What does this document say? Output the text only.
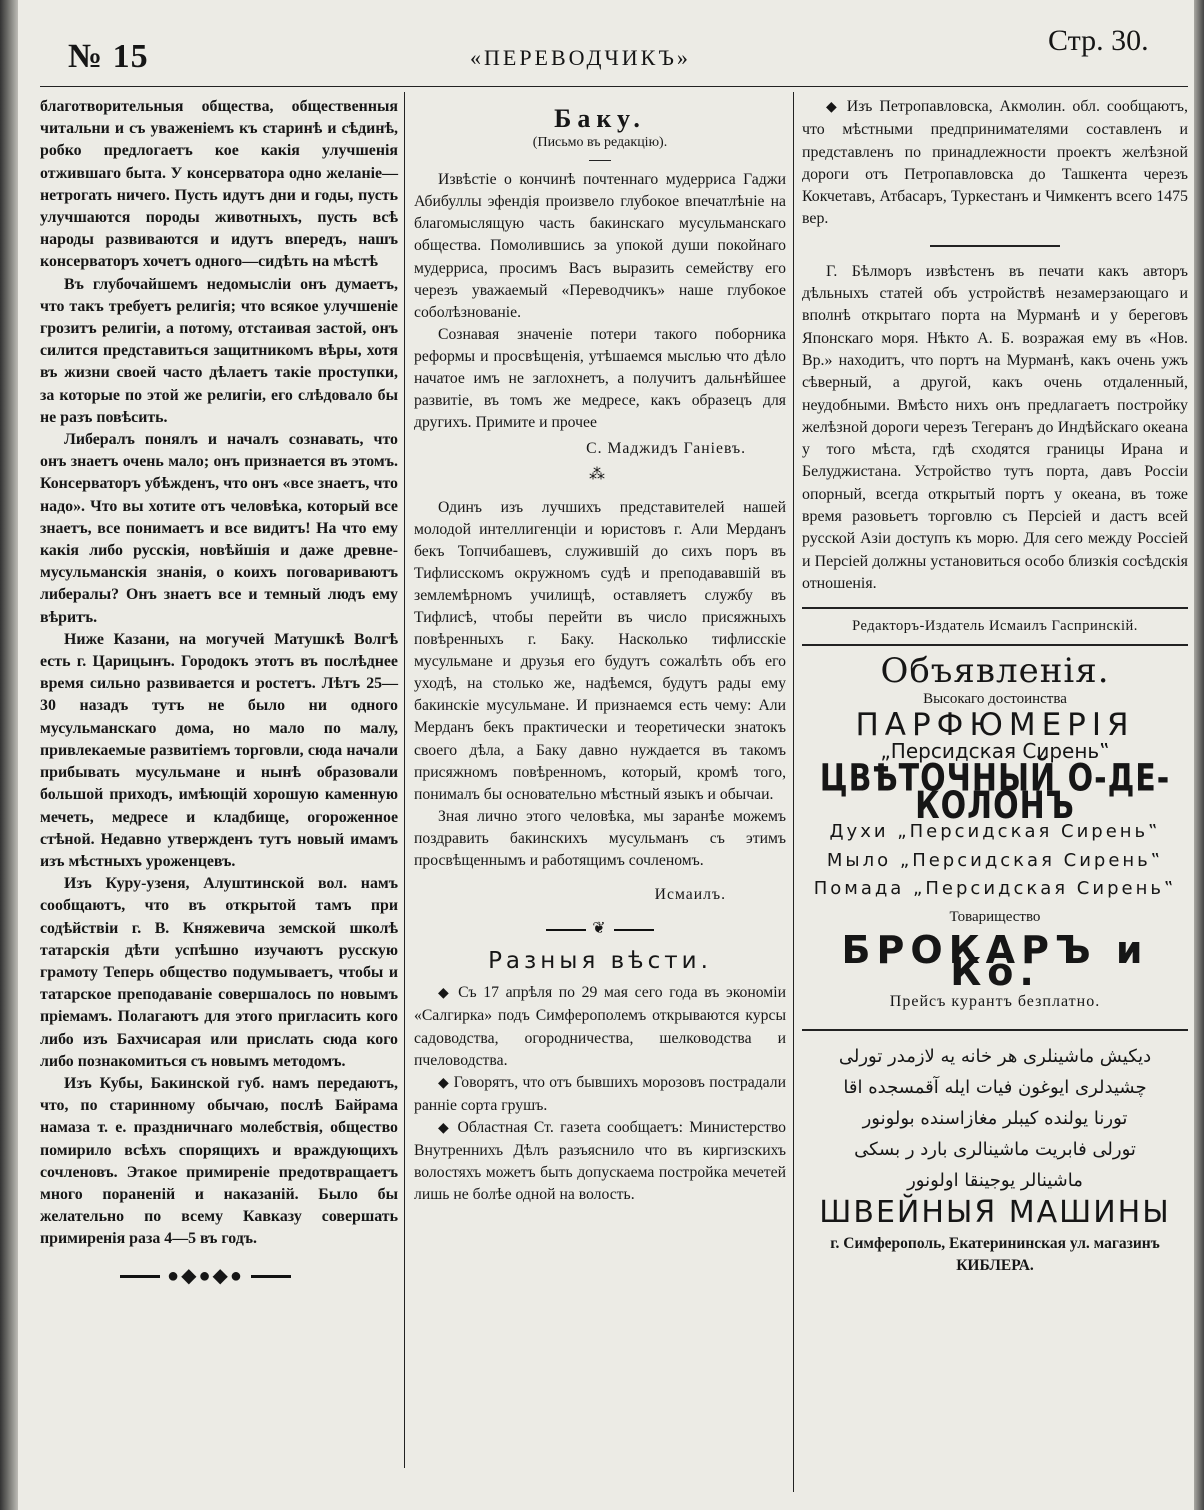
№ 15	«ПЕРЕВОДЧИКЪ»
Стр. 30.

благотворительныя общества, общественныя читальни и съ уваженіемъ къ старинѣ и сѣдинѣ, робко предлогаетъ кое какія улучшенія отжившаго быта. У консерватора одно желаніе—нетрогать ничего. Пусть идутъ дни и годы, пусть улучшаются породы животныхъ, пусть всѣ народы развиваются и идутъ впередъ, нашъ консерваторъ хочетъ одного—сидѣть на мѣстѣ

Въ глубочайшемъ недомысліи онъ думаетъ, что такъ требуетъ религія; что всякое улучшеніе грозитъ религіи, а потому, отстаивая застой, онъ силится представиться защитникомъ вѣры, хотя въ жизни своей часто дѣлаетъ такіе проступки, за которые по этой же религіи, его слѣдовало бы не разъ повѣсить.

Либералъ понялъ и началъ сознавать, что онъ знаетъ очень мало; онъ признается въ этомъ. Консерваторъ убѣжденъ, что онъ «все знаетъ, что надо». Что вы хотите отъ человѣка, который все знаетъ, все понимаетъ и все видитъ! На что ему какія либо русскія, новѣйшія и даже древне-мусульманскія знанія, о коихъ поговариваютъ либералы? Онъ знаетъ все и темный людъ ему вѣритъ.

Ниже Казани, на могучей Матушкѣ Волгѣ есть г. Царицынъ. Городокъ этотъ въ послѣднее время сильно развивается и ростетъ. Лѣтъ 25—30 назадъ тутъ не было ни одного мусульманскаго дома, но мало по малу, привлекаемые развитіемъ торговли, сюда начали прибывать мусульмане и нынѣ образовали большой приходъ, имѣющій хорошую каменную мечеть, медресе и кладбище, огороженное стѣной. Недавно утвержденъ тутъ новый имамъ изъ мѣстныхъ уроженцевъ.

Изъ Куру-узеня, Алуштинской вол. намъ сообщаютъ, что въ открытой тамъ при содѣйствіи г. В. Княжевича земской школѣ татарскія дѣти успѣшно изучаютъ русскую грамоту Теперь общество подумываетъ, чтобы и татарское преподаваніе совершалось по новымъ пріемамъ. Полагаютъ для этого пригласить кого либо изъ Бахчисарая или прислать сюда кого либо познакомиться съ новымъ методомъ.

Изъ Кубы, Бакинской губ. намъ передаютъ, что, по старинному обычаю, послѣ Байрама намаза т. е. праздничнаго молебствія, общество помирило всѣхъ спорящихъ и враждующихъ сочленовъ. Этакое примиреніе предотвращаетъ много пораненій и наказаній. Было бы желательно по всему Кавказу совершать примиренія раза 4—5 въ годъ.

●◆●◆●
Баку.
(Письмо въ редакцію).

Извѣстіе о кончинѣ почтеннаго мудерриса Гаджи Абибуллы эфендія произвело глубокое впечатлѣніе на благомыслящую часть бакинскаго мусульманскаго общества. Помолившись за упокой души покойнаго мудерриса, просимъ Васъ выразить семейству его черезъ уважаемый «Переводчикъ» наше глубокое соболѣзнованіе.

Сознавая значеніе потери такого поборника реформы и просвѣщенія, утѣшаемся мыслью что дѣло начатое имъ не заглохнетъ, а получитъ дальнѣйшее развитіе, въ томъ же медресе, какъ образецъ для другихъ. Примите и прочее

С. Маджидъ Ганіевъ.
⁂

Одинъ изъ лучшихъ представителей нашей молодой интеллигенціи и юристовъ г. Али Мерданъ бекъ Топчибашевъ, служившій до сихъ поръ въ Тифлисскомъ окружномъ судѣ и преподававшій въ землемѣрномъ училищѣ, оставляетъ службу въ Тифлисѣ, чтобы перейти въ число присяжныхъ повѣренныхъ г. Баку. Насколько тифлисскіе мусульмане и друзья его будутъ сожалѣть объ его уходѣ, на столько же, надѣемся, будутъ рады ему бакинскіе мусульмане. И признаемся есть чему: Али Мерданъ бекъ практически и теоретически знатокъ своего дѣла, а Баку давно нуждается въ такомъ присяжномъ повѣренномъ, который, кромѣ того, понималъ бы основательно мѣстный языкъ и обычаи.

Зная лично этого человѣка, мы заранѣе можемъ поздравить бакинскихъ мусульманъ съ этимъ просвѣщеннымъ и работящимъ сочленомъ.

Исмаилъ.
❦
Разныя вѣсти.

◆ Съ 17 апрѣля по 29 мая сего года въ экономіи «Салгирка» подъ Симферополемъ открываются курсы садоводства, огородничества, шелководства и пчеловодства.

◆ Говорятъ, что отъ бывшихъ морозовъ пострадали ранніе сорта грушъ.

◆ Областная Ст. газета сообщаетъ: Министерство Внутреннихъ Дѣлъ разъяснило что въ киргизскихъ волостяхъ можетъ быть допускаема постройка мечетей лишь не болѣе одной на волость.

◆ Изъ Петропавловска, Акмолин. обл. сообщаютъ, что мѣстными предпринимателями составленъ и представленъ по принадлежности проектъ желѣзной дороги отъ Петропавловска до Ташкента черезъ Кокчетавъ, Атбасаръ, Туркестанъ и Чимкентъ всего 1475 вер.

Г. Бѣлморъ извѣстенъ въ печати какъ авторъ дѣльныхъ статей объ устройствѣ незамерзающаго и вполнѣ открытаго порта на Мурманѣ и у береговъ Японскаго моря. Нѣкто А. Б. возражая ему въ «Нов. Вр.» находитъ, что портъ на Мурманѣ, какъ очень ужъ сѣверный, а другой, какъ очень отдаленный, неудобными. Вмѣсто нихъ онъ предлагаетъ постройку желѣзной дороги черезъ Тегеранъ до Индѣйскаго океана у того мѣста, гдѣ сходятся границы Ирана и Белуджистана. Устройство тутъ порта, давъ Россіи опорный, всегда открытый портъ у океана, въ тоже время разовьетъ торговлю съ Персіей и дастъ всей русской Азіи доступъ къ морю. Для сего между Россіей и Персіей должны установиться особо близкія сосѣдскія отношенія.

Редакторъ-Издатель Исмаилъ Гаспринскій.
Объявленія.
Высокаго достоинства
ПАРФЮМЕРІЯ
„Персидская Сирень‟
ЦВѢТОЧНЫЙ О-ДЕ-КОЛОНЪ
Духи „Персидская Сирень‟
Мыло „Персидская Сирень‟
Помада „Персидская Сирень‟
Товарищество
БРОКАРЪ и Ко.
Прейсъ курантъ безплатно.
دیکیش ماشینلری هر خانه یه لازمدر تورلی
چشیدلری ایوغون فیات ایله آقمسجده اقا
تورنا یولنده کیبلر مغازاسنده بولونور
تورلی فابریت ماشینالری بارد ر بسکی
ماشینالر یوجینقا اولونور
ШВЕЙНЫЯ МАШИНЫ
г. Симферополь, Екатерининская ул. магазинъ КИБЛЕРА.
